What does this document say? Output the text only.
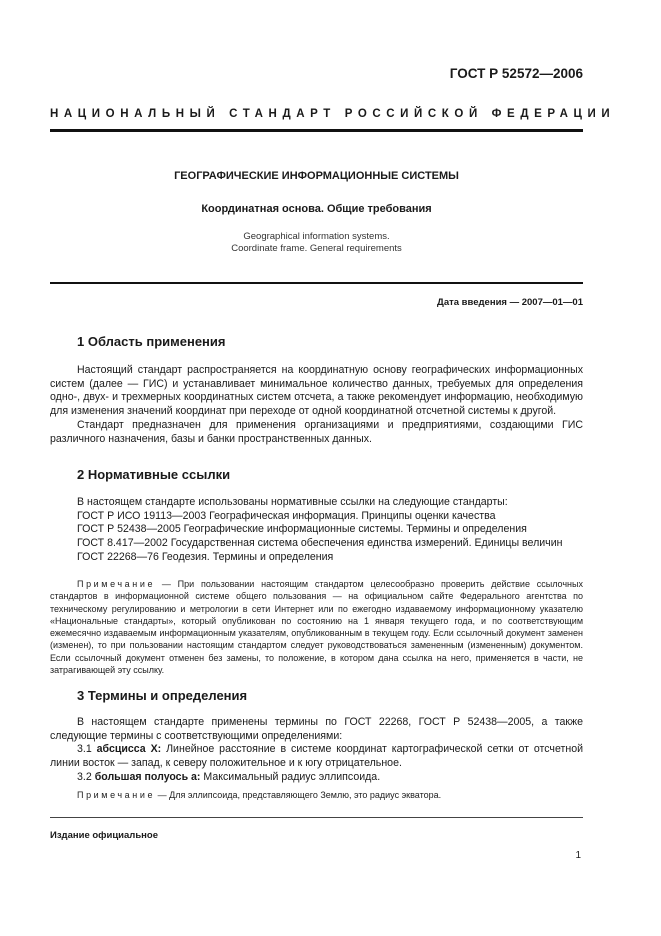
ГОСТ Р 52572—2006
НАЦИОНАЛЬНЫЙ СТАНДАРТ РОССИЙСКОЙ ФЕДЕРАЦИИ
ГЕОГРАФИЧЕСКИЕ ИНФОРМАЦИОННЫЕ СИСТЕМЫ
Координатная основа. Общие требования
Geographical information systems.
Coordinate frame. General requirements
Дата введения — 2007—01—01
1 Область применения

Настоящий стандарт распространяется на координатную основу географических информационных систем (далее — ГИС) и устанавливает минимальное количество данных, требуемых для определения одно-, двух- и трехмерных координатных систем отсчета, а также рекомендует информацию, необходимую для изменения значений координат при переходе от одной координатной отсчетной системы к другой.

Стандарт предназначен для применения организациями и предприятиями, создающими ГИС различного назначения, базы и банки пространственных данных.

2 Нормативные ссылки

В настоящем стандарте использованы нормативные ссылки на следующие стандарты:

ГОСТ Р ИСО 19113—2003 Географическая информация. Принципы оценки качества

ГОСТ Р 52438—2005 Географические информационные системы. Термины и определения

ГОСТ 8.417—2002 Государственная система обеспечения единства измерений. Единицы величин

ГОСТ 22268—76 Геодезия. Термины и определения

Примечание — При пользовании настоящим стандартом целесообразно проверить действие ссылочных стандартов в информационной системе общего пользования — на официальном сайте Федерального агентства по техническому регулированию и метрологии в сети Интернет или по ежегодно издаваемому информационному указателю «Национальные стандарты», который опубликован по состоянию на 1 января текущего года, и по соответствующим ежемесячно издаваемым информационным указателям, опубликованным в текущем году. Если ссылочный документ заменен (изменен), то при пользовании настоящим стандартом следует руководствоваться замененным (измененным) документом. Если ссылочный документ отменен без замены, то положение, в котором дана ссылка на него, применяется в части, не затрагивающей эту ссылку.

3 Термины и определения

В настоящем стандарте применены термины по ГОСТ 22268, ГОСТ Р 52438—2005, а также следующие термины с соответствующими определениями:

3.1 абсцисса X: Линейное расстояние в системе координат картографической сетки от отсчетной линии восток — запад, к северу положительное и к югу отрицательное.

3.2 большая полуось a: Максимальный радиус эллипсоида.

Примечание — Для эллипсоида, представляющего Землю, это радиус экватора.

Издание официальное
1
